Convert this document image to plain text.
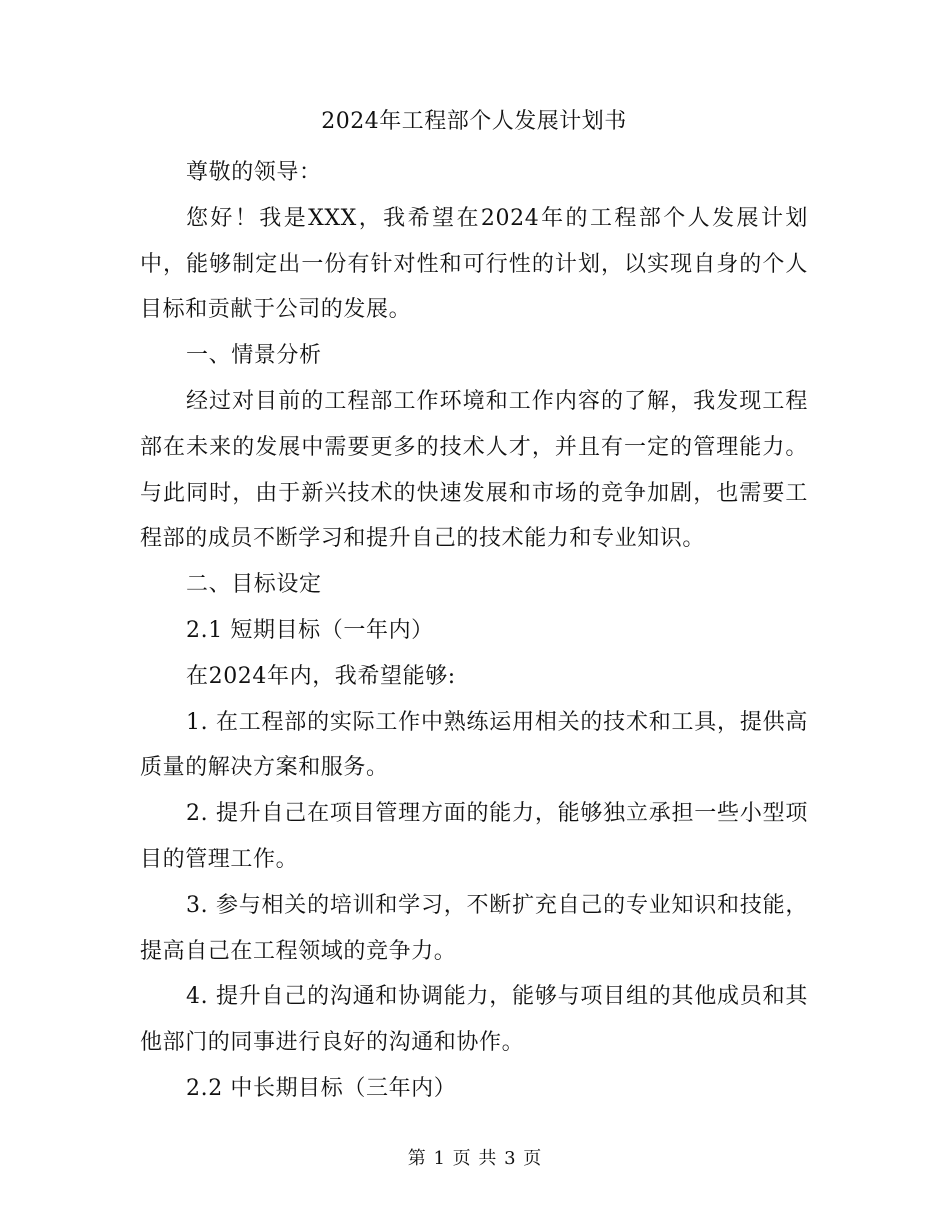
2024年工程部个人发展计划书

尊敬的领导：

您好！我是XXX，我希望在2024年的工程部个人发展计划中，能够制定出一份有针对性和可行性的计划，以实现自身的个人目标和贡献于公司的发展。

一、情景分析

经过对目前的工程部工作环境和工作内容的了解，我发现工程部在未来的发展中需要更多的技术人才，并且有一定的管理能力。与此同时，由于新兴技术的快速发展和市场的竞争加剧，也需要工程部的成员不断学习和提升自己的技术能力和专业知识。

二、目标设定

2.1 短期目标（一年内）

在2024年内，我希望能够:

1. 在工程部的实际工作中熟练运用相关的技术和工具，提供高质量的解决方案和服务。

2. 提升自己在项目管理方面的能力，能够独立承担一些小型项目的管理工作。

3. 参与相关的培训和学习，不断扩充自己的专业知识和技能，提高自己在工程领域的竞争力。

4. 提升自己的沟通和协调能力，能够与项目组的其他成员和其他部门的同事进行良好的沟通和协作。

2.2 中长期目标（三年内）

第 1 页 共 3 页
